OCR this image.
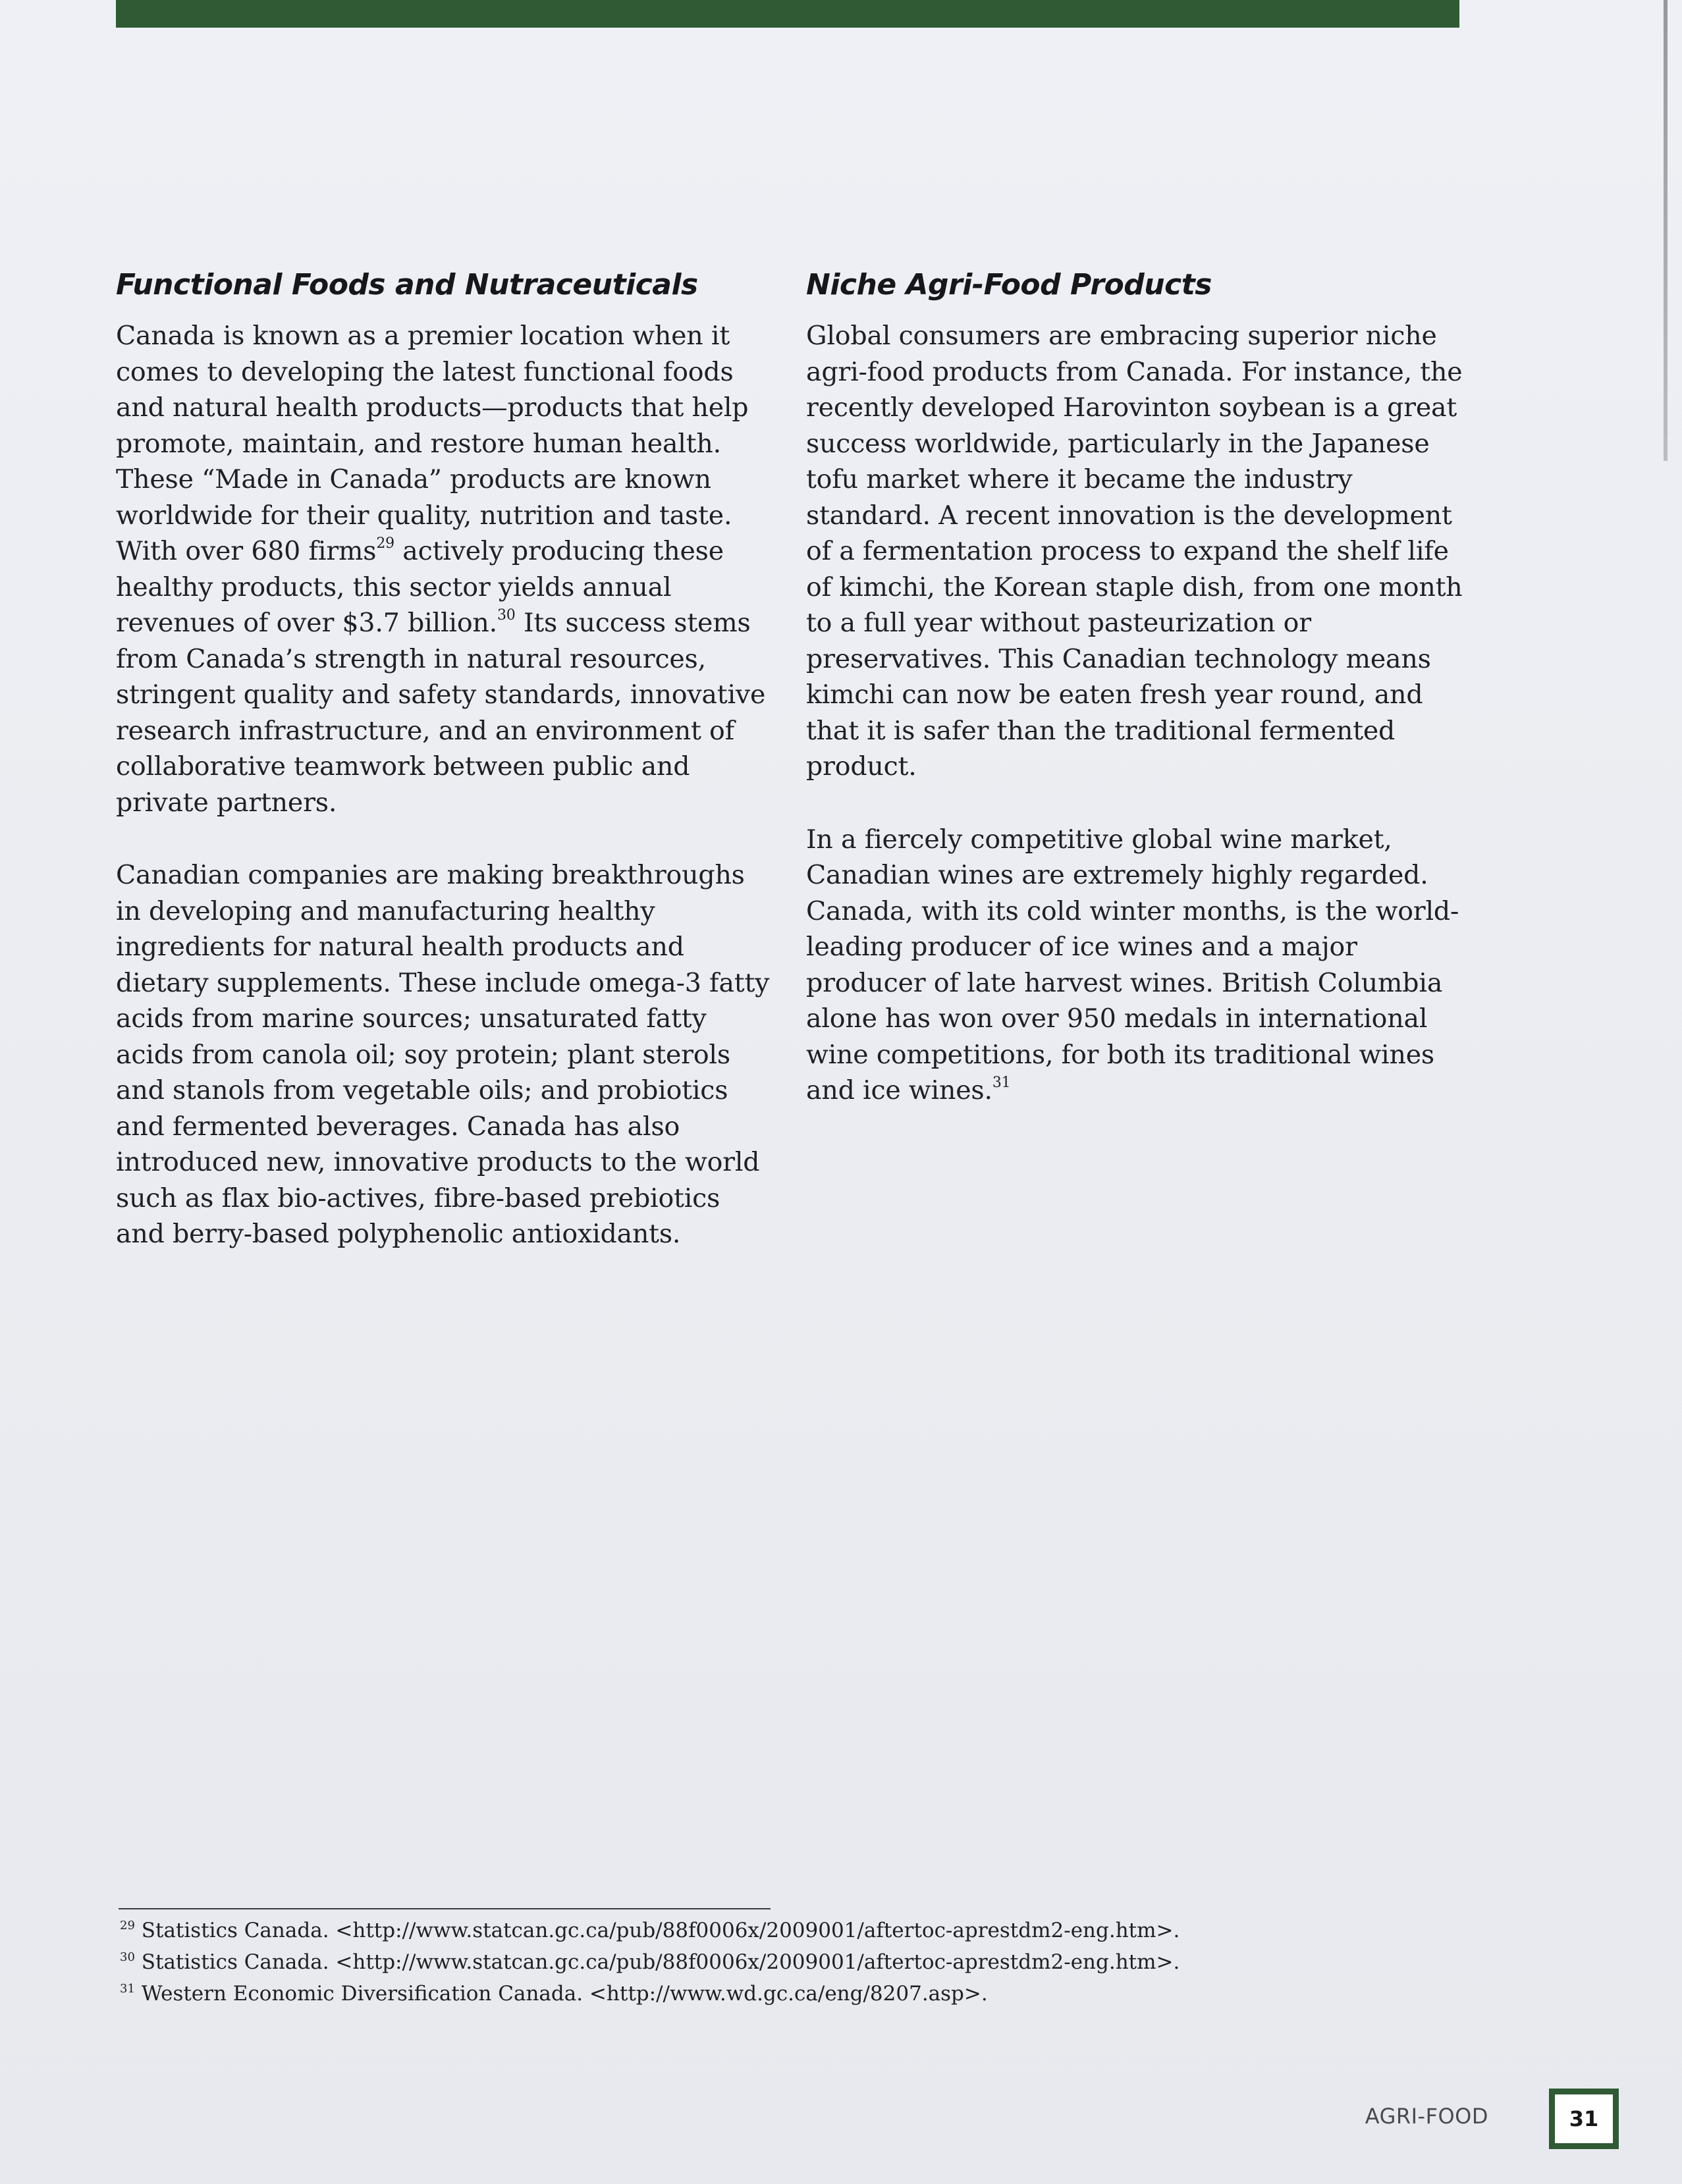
Functional Foods and Nutraceuticals

Canada is known as a premier location when it comes to developing the latest functional foods and natural health products—products that help promote, maintain, and restore human health. These “Made in Canada” products are known worldwide for their quality, nutrition and taste. With over 680 firms$^{29}$ actively producing these healthy products, this sector yields annual revenues of over $3.7 billion.$^{30}$ Its success stems from Canada’s strength in natural resources, stringent quality and safety standards, innovative research infrastructure, and an environment of collaborative teamwork between public and private partners.

Canadian companies are making breakthroughs in developing and manufacturing healthy ingredients for natural health products and dietary supplements. These include omega-3 fatty acids from marine sources; unsaturated fatty acids from canola oil; soy protein; plant sterols and stanols from vegetable oils; and probiotics and fermented beverages. Canada has also introduced new, innovative products to the world such as flax bio-actives, fibre-based prebiotics and berry-based polyphenolic antioxidants.

Niche Agri-Food Products

Global consumers are embracing superior niche agri-food products from Canada. For instance, the recently developed Harovinton soybean is a great success worldwide, particularly in the Japanese tofu market where it became the industry standard. A recent innovation is the development of a fermentation process to expand the shelf life of kimchi, the Korean staple dish, from one month to a full year without pasteurization or preservatives. This Canadian technology means kimchi can now be eaten fresh year round, and that it is safer than the traditional fermented product.

In a fiercely competitive global wine market, Canadian wines are extremely highly regarded. Canada, with its cold winter months, is the world-leading producer of ice wines and a major producer of late harvest wines. British Columbia alone has won over 950 medals in international wine competitions, for both its traditional wines and ice wines.$^{31}$

$^{29}$ Statistics Canada. <http://www.statcan.gc.ca/pub/88f0006x/2009001/aftertoc-aprestdm2-eng.htm>.
$^{30}$ Statistics Canada. <http://www.statcan.gc.ca/pub/88f0006x/2009001/aftertoc-aprestdm2-eng.htm>.
$^{31}$ Western Economic Diversification Canada. <http://www.wd.gc.ca/eng/8207.asp>.
AGRI-FOOD	31
